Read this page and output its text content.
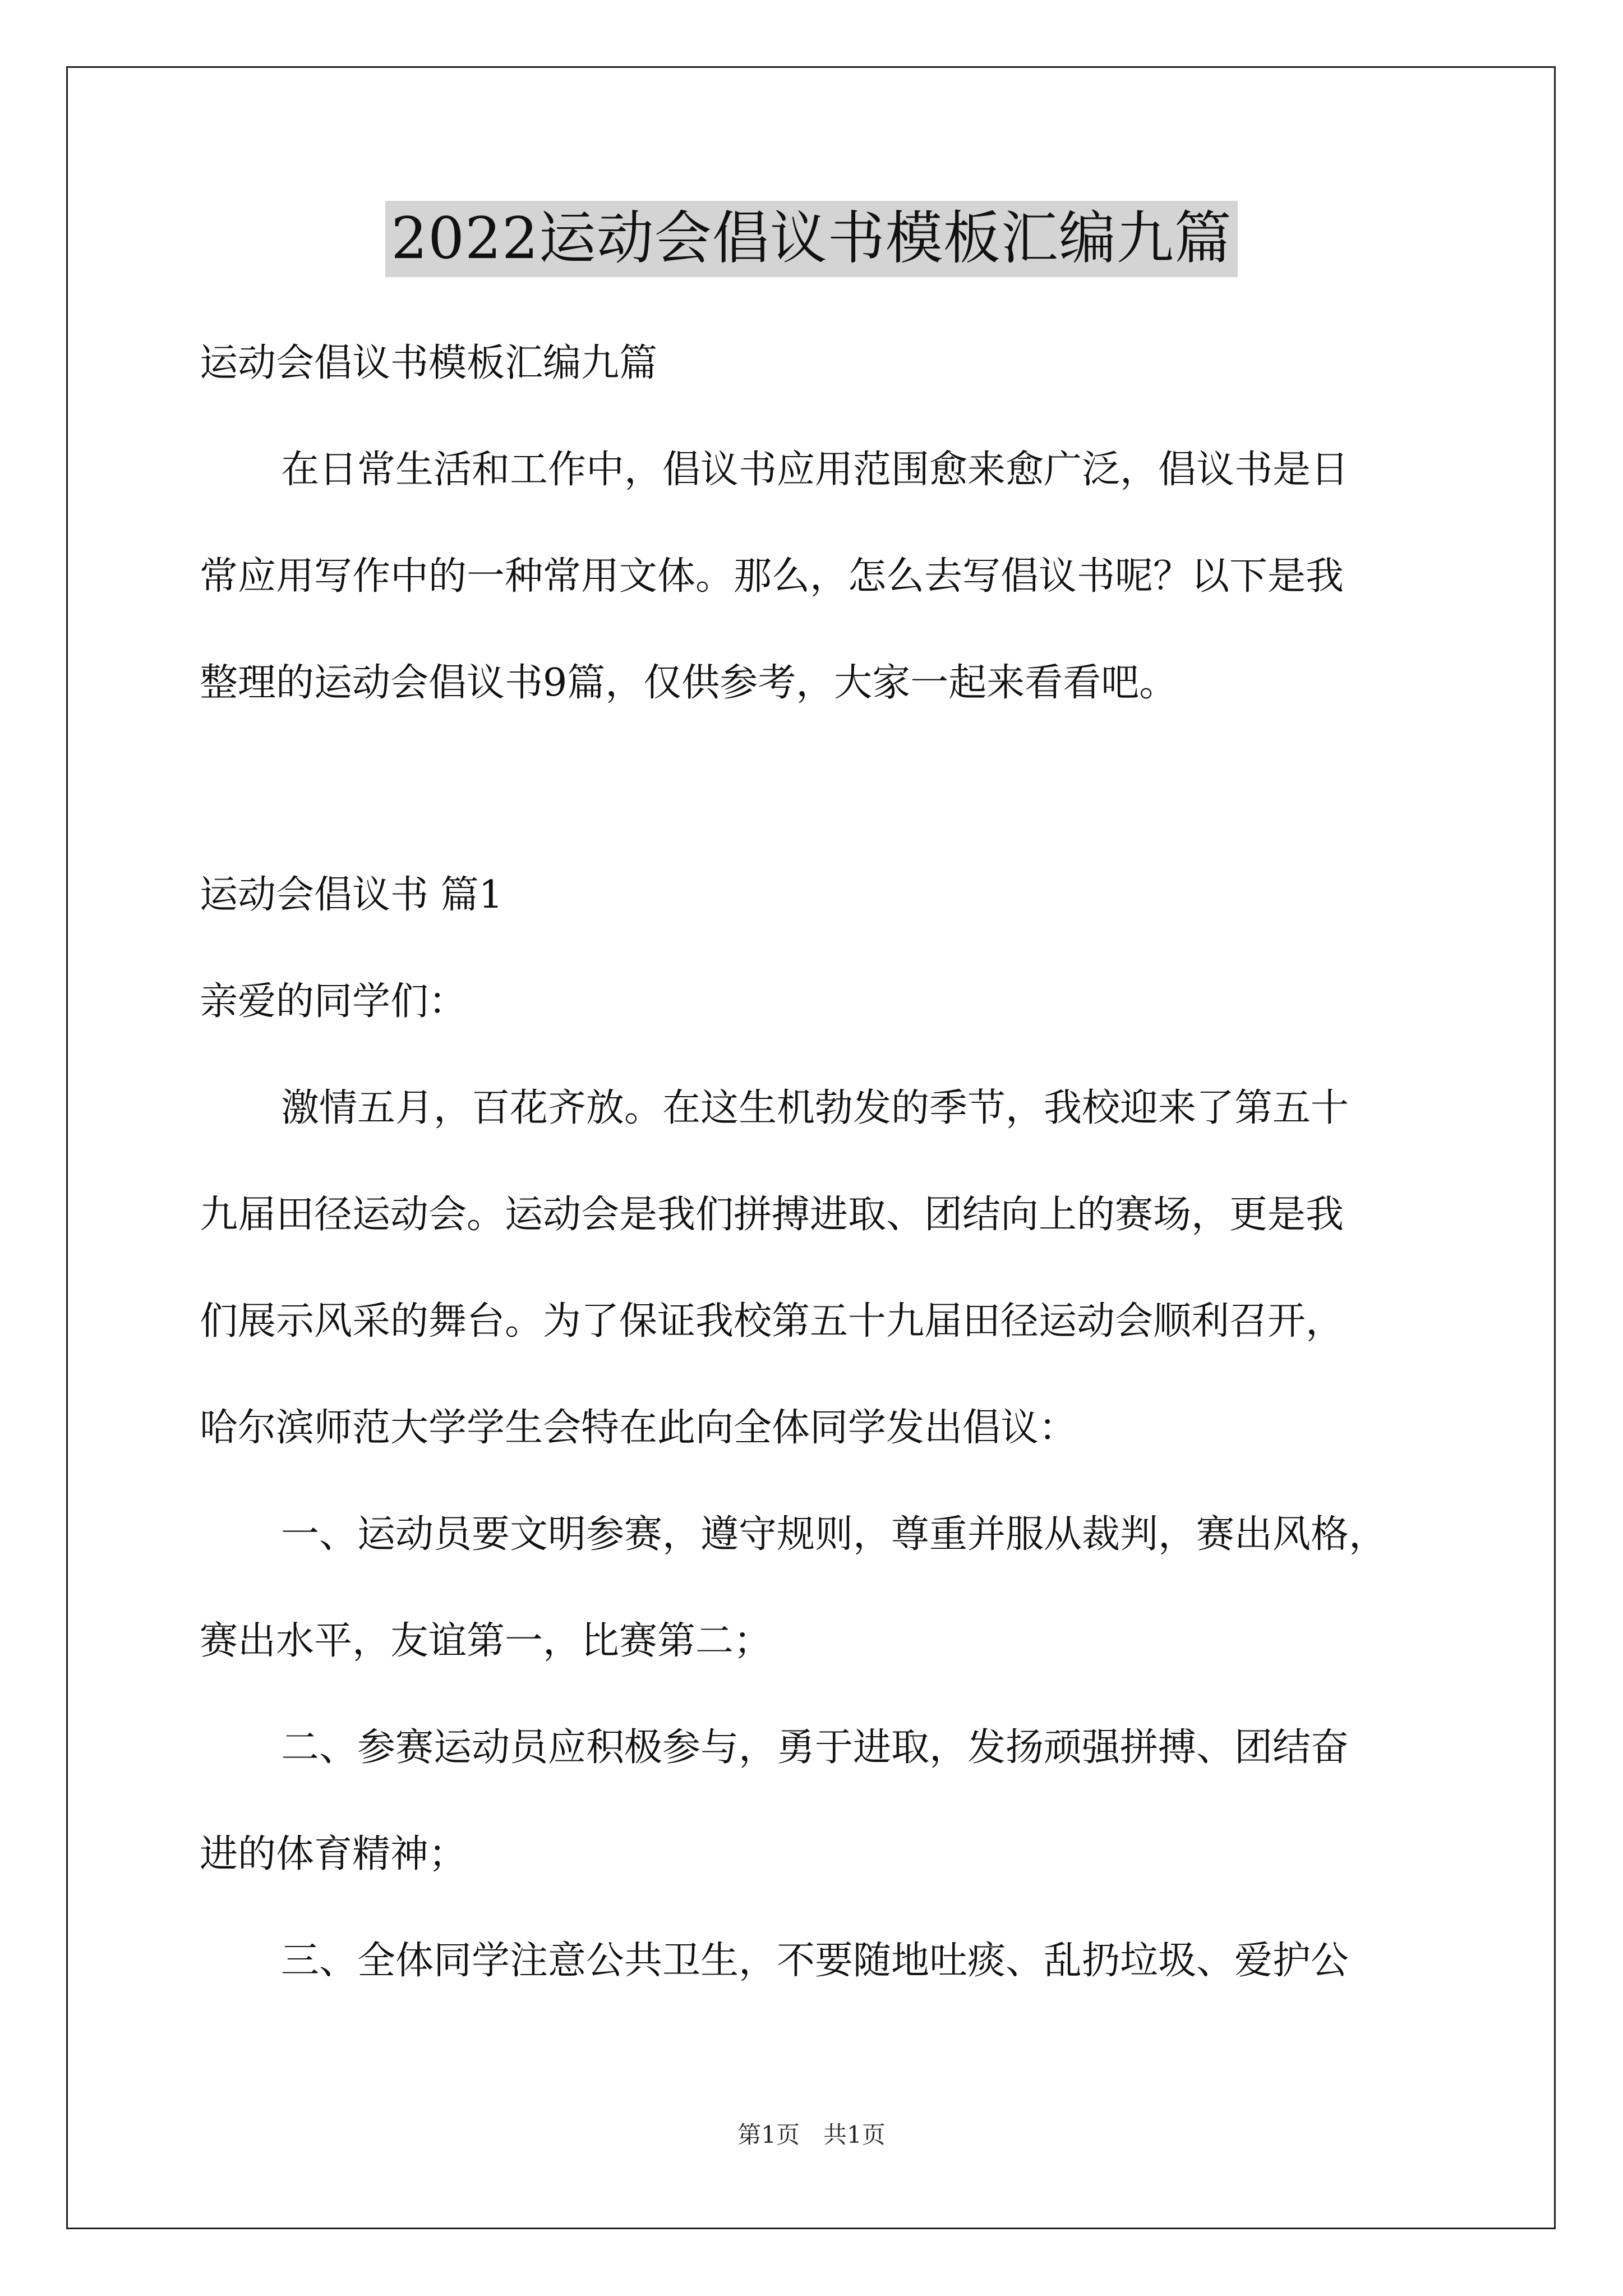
2022运动会倡议书模板汇编九篇

运动会倡议书模板汇编九篇

在日常生活和工作中，倡议书应用范围愈来愈广泛，倡议书是日

常应用写作中的一种常用文体。那么，怎么去写倡议书呢？以下是我

整理的运动会倡议书9篇，仅供参考，大家一起来看看吧。

运动会倡议书 篇1

亲爱的同学们：

激情五月，百花齐放。在这生机勃发的季节，我校迎来了第五十

九届田径运动会。运动会是我们拼搏进取、团结向上的赛场，更是我

们展示风采的舞台。为了保证我校第五十九届田径运动会顺利召开，

哈尔滨师范大学学生会特在此向全体同学发出倡议：

一、运动员要文明参赛，遵守规则，尊重并服从裁判，赛出风格，

赛出水平，友谊第一，比赛第二；

二、参赛运动员应积极参与，勇于进取，发扬顽强拼搏、团结奋

进的体育精神；

三、全体同学注意公共卫生，不要随地吐痰、乱扔垃圾、爱护公

第1页　共1页
